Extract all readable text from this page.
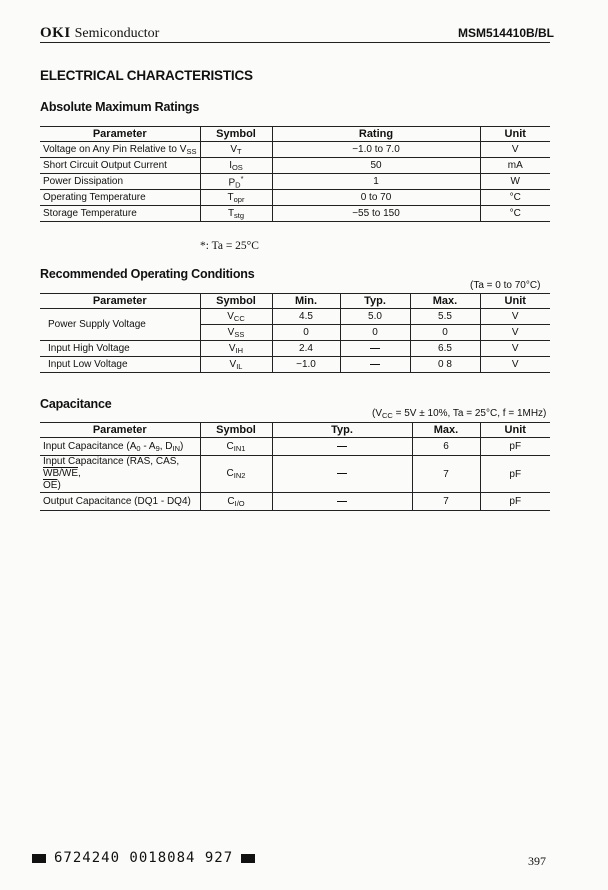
OKI Semiconductor	MSM514410B/BL
ELECTRICAL CHARACTERISTICS
Absolute Maximum Ratings
Parameter	Symbol	Rating	Unit
Voltage on Any Pin Relative to $V_{SS}$	$V_T$	−1.0 to 7.0	V
Short Circuit Output Current	$I_{OS}$	50	mA
Power Dissipation	$P_D^*$	1	W
Operating Temperature	$T_{opr}$	0 to 70	°C
Storage Temperature	$T_{stg}$	−55 to 150	°C
*: Ta = 25°C
Recommended Operating Conditions
(Ta = 0 to 70°C)
Parameter	Symbol	Min.	Typ.	Max.	Unit
Power Supply Voltage	$V_{CC}$	4.5	5.0	5.5	V
	$V_{SS}$	0	0	0	V
Input High Voltage	$V_{IH}$	2.4		6.5	V
Input Low Voltage	$V_{IL}$	−1.0		0 8	V
Capacitance
($V_{CC} = 5V \pm 10\%$, Ta = 25°C, f = 1MHz)
Parameter	Symbol	Typ.	Max.	Unit
Input Capacitance ($A_0 - A_9$, $D_{IN}$)	$C_{IN1}$		6	pF
Input Capacitance ($\overline{RAS}$, $\overline{CAS}$, WB/WE,
$\overline{OE}$)	$C_{IN2}$		7	pF
Output Capacitance (DQ1 - DQ4)	$C_{I/O}$		7	pF
6724240 0018084 927	397
